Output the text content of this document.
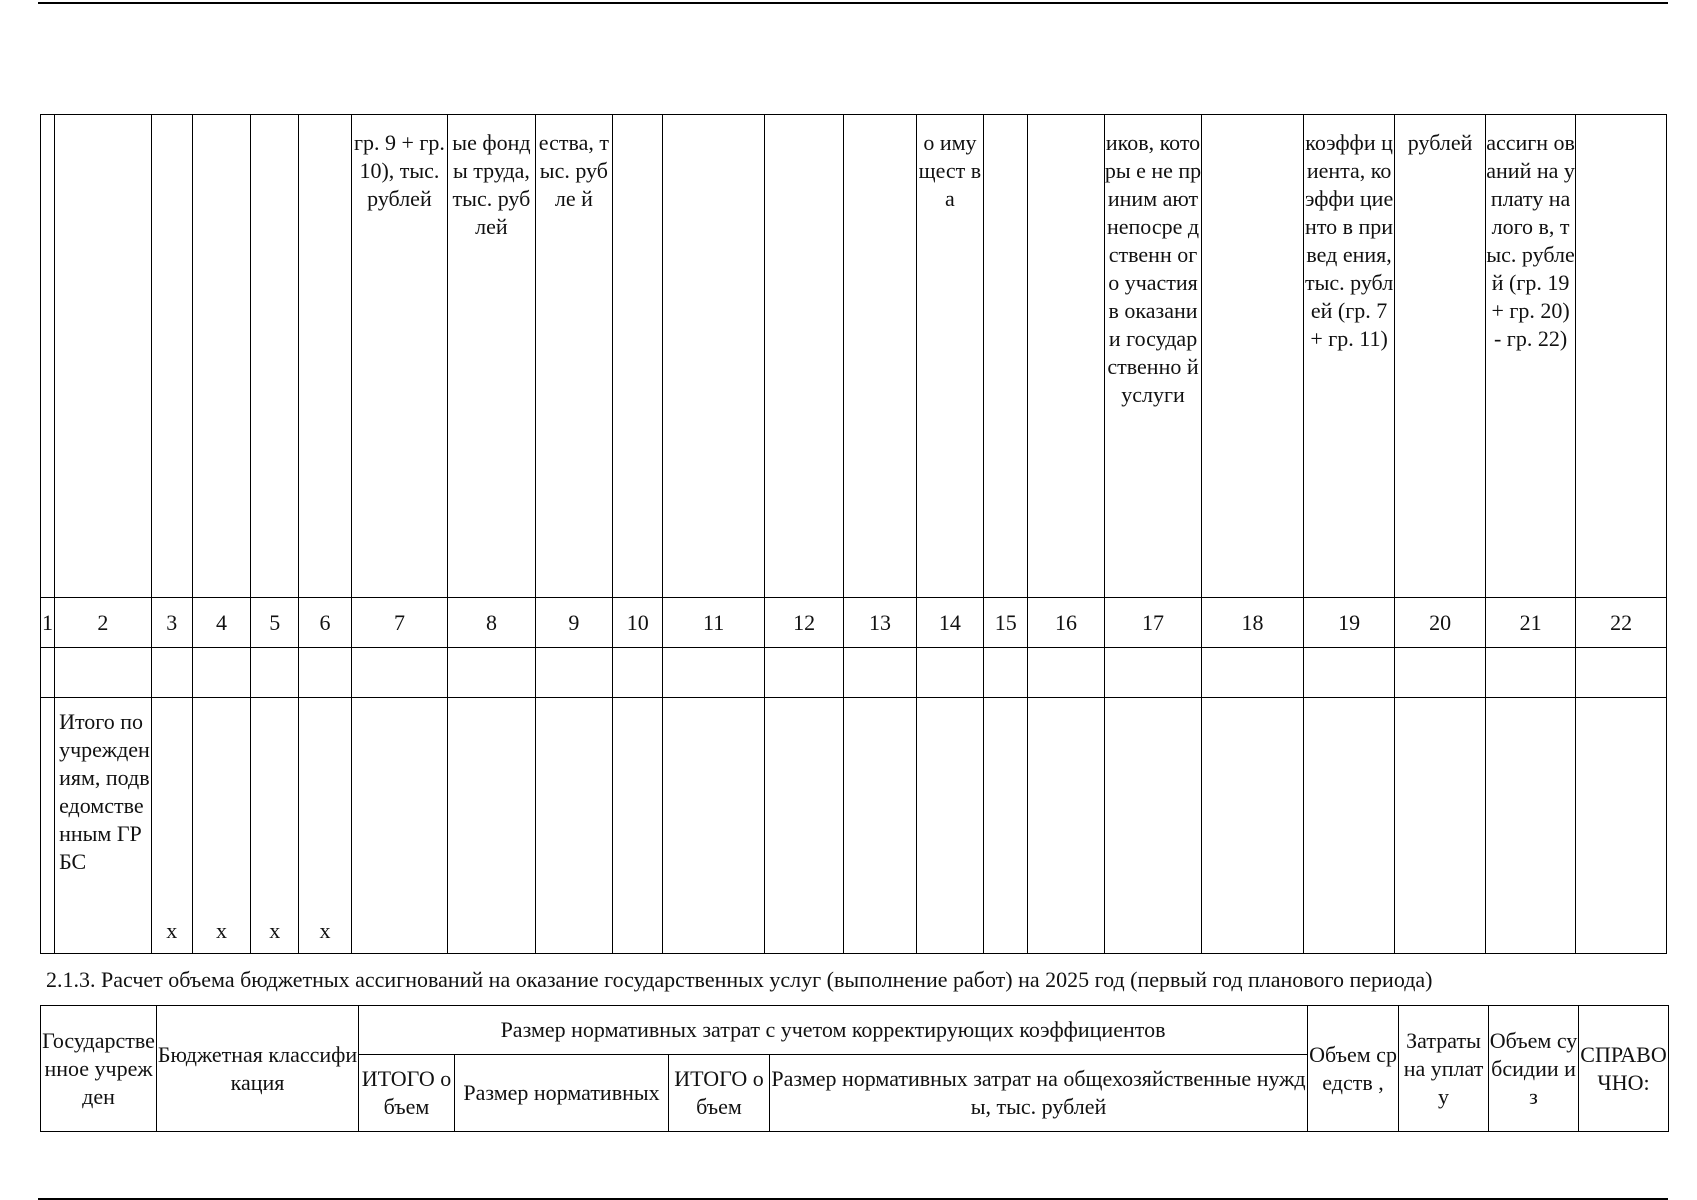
						гр. 9 + гр. 10), тыс. рублей	ые фонды труда, тыс. рублей	ества, тыс. рубле й					о имущест ва			иков, которы е не приним ают непосре дственн ого участия в оказани и государ ственно й услуги		коэффи циента, коэффи циенто в привед ения, тыс. рублей (гр. 7 + гр. 11)	рублей	ассигн ований на уплату налого в, тыс. рублей (гр. 19 + гр. 20) - гр. 22)	
1	2	3	4	5	6	7	8	9	10	11	12	13	14	15	16	17	18	19	20	21	22

	Итого по учреждениям, подведомственным ГРБС	х	х	х	х																
2.1.3. Расчет объема бюджетных ассигнований на оказание государственных услуг (выполнение работ) на 2025 год (первый год планового периода)
Государственное учрежден	Бюджетная классификация	Размер нормативных затрат с учетом корректирующих коэффициентов				Объем средств ,	Затраты на уплату	Объем субсидии из	СПРАВОЧНО:
		ИТОГО объем	Размер нормативных	ИТОГО объем	Размер нормативных затрат на общехозяйственные нужды, тыс. рублей				
